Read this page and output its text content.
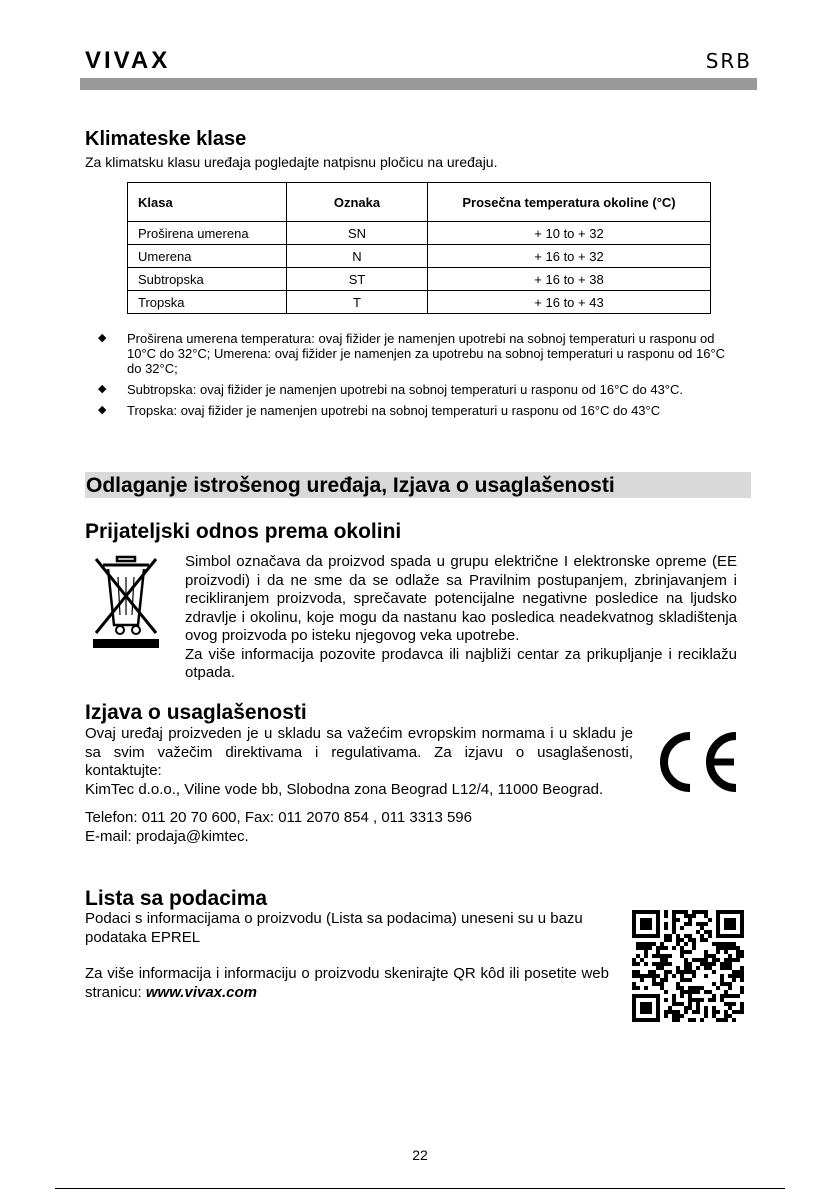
VIVAX	SRB
Klimateske klase
Za klimatsku klasu uređaja pogledajte natpisnu pločicu na uređaju.
Klasa	Oznaka	Prosečna temperatura okoline (°C)
Proširena umerena	SN	+ 10 to + 32
Umerena	N	+ 16 to + 32
Subtropska	ST	+ 16 to + 38
Tropska	T	+ 16 to + 43
◆ Proširena umerena temperatura: ovaj fižider je namenjen upotrebi na sobnoj temperaturi u rasponu od 10°C do 32°C; Umerena: ovaj fižider je namenjen za upotrebu na sobnoj temperaturi u rasponu od 16°C do 32°C;
◆ Subtropska: ovaj fižider je namenjen upotrebi na sobnoj temperaturi u rasponu od 16°C do 43°C.
◆ Tropska: ovaj fižider je namenjen upotrebi na sobnoj temperaturi u rasponu od 16°C do 43°C
Odlaganje istrošenog uređaja, Izjava o usaglašenosti
Prijateljski odnos prema okolini
Simbol označava da proizvod spada u grupu električne I elektronske opreme (EE proizvodi) i da ne sme da se odlaže sa Pravilnim postupanjem, zbrinjavanjem i recikliranjem proizvoda, sprečavate potencijalne negativne posledice na ljudsko zdravlje i okolinu, koje mogu da nastanu kao posledica neadekvatnog skladištenja ovog proizvoda po isteku njegovog veka upotrebe.
Za više informacija pozovite prodavca ili najbliži centar za prikupljanje i reciklažu otpada.
Izjava o usaglašenosti
Ovaj uređaj proizveden je u skladu sa važećim evropskim normama i u skladu je sa svim važečim direktivama i regulativama. Za izjavu o usaglašenosti, kontaktujte:
KimTec d.o.o., Viline vode bb, Slobodna zona Beograd L12/4, 11000 Beograd.
Telefon: 011 20 70 600, Fax: 011 2070 854 , 011 3313 596
E-mail: prodaja@kimtec.
Lista sa podacima
Podaci s informacijama o proizvodu (Lista sa podacima) uneseni su u bazu podataka EPREL
Za više informacija i informaciju o proizvodu skenirajte QR kôd ili posetite web stranicu: www.vivax.com
22
